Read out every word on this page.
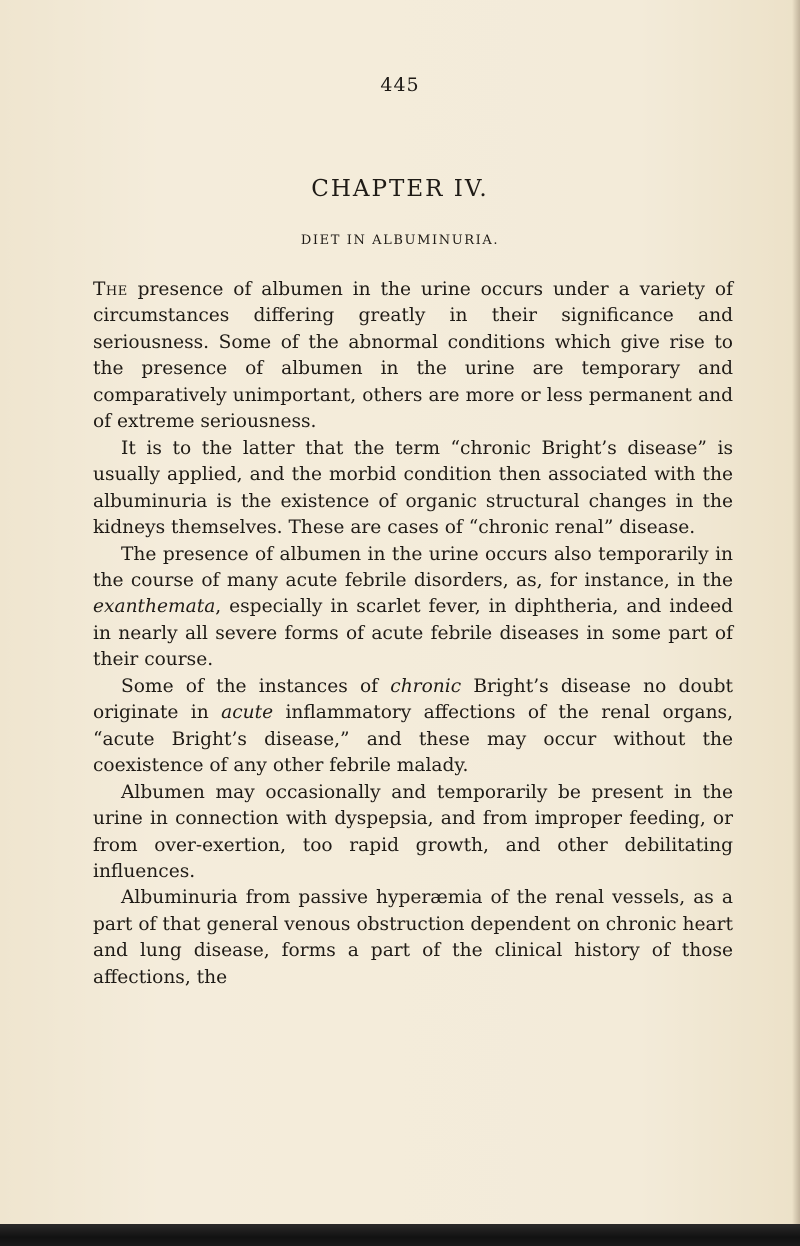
445
CHAPTER IV.
DIET IN ALBUMINURIA.

The presence of albumen in the urine occurs under a variety of circumstances differing greatly in their significance and seriousness. Some of the abnormal conditions which give rise to the presence of albumen in the urine are temporary and comparatively unimportant, others are more or less permanent and of extreme seriousness.

It is to the latter that the term “chronic Bright’s disease” is usually applied, and the morbid condition then associated with the albuminuria is the existence of organic structural changes in the kidneys themselves. These are cases of “chronic renal” disease.

The presence of albumen in the urine occurs also temporarily in the course of many acute febrile disorders, as, for instance, in the exanthemata, especially in scarlet fever, in diphtheria, and indeed in nearly all severe forms of acute febrile diseases in some part of their course.

Some of the instances of chronic Bright’s disease no doubt originate in acute inflammatory affections of the renal organs, “acute Bright’s disease,” and these may occur without the coexistence of any other febrile malady.

Albumen may occasionally and temporarily be present in the urine in connection with dyspepsia, and from improper feeding, or from over-exertion, too rapid growth, and other debilitating influences.

Albuminuria from passive hyperæmia of the renal vessels, as a part of that general venous obstruction dependent on chronic heart and lung disease, forms a part of the clinical history of those affections, the
